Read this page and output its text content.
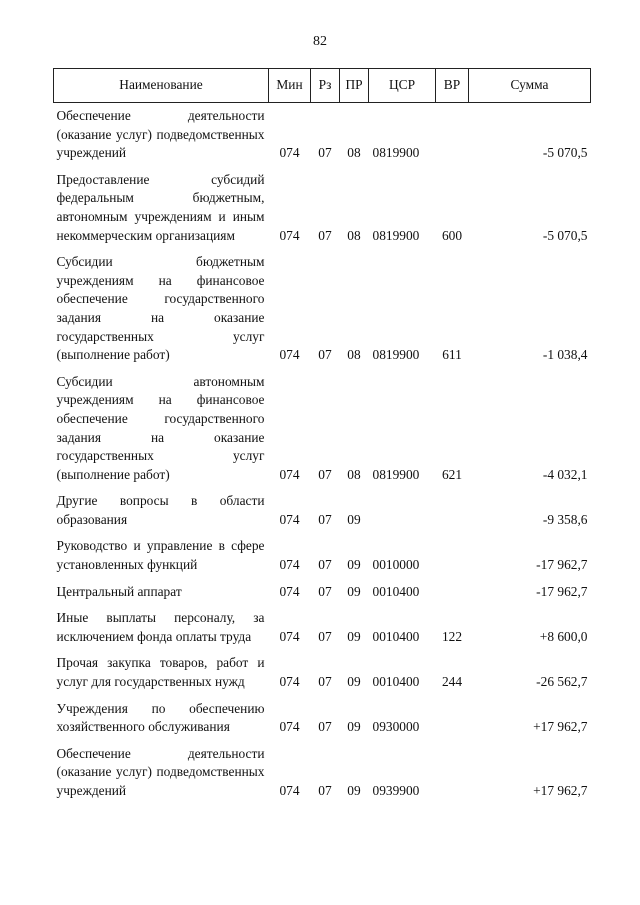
82
Наименование	Мин	Рз	ПР	ЦСР	ВР	Сумма
Обеспечение деятельности (оказание услуг) подведомственных учреждений	074	07	08	0819900		-5 070,5
Предоставление субсидий федеральным бюджетным, автономным учреждениям и иным некоммерческим организациям	074	07	08	0819900	600	-5 070,5
Субсидии бюджетным учреждениям на финансовое обеспечение государственного задания на оказание государственных услуг (выполнение работ)	074	07	08	0819900	611	-1 038,4
Субсидии автономным учреждениям на финансовое обеспечение государственного задания на оказание государственных услуг (выполнение работ)	074	07	08	0819900	621	-4 032,1
Другие вопросы в области образования	074	07	09			-9 358,6
Руководство и управление в сфере установленных функций	074	07	09	0010000		-17 962,7
Центральный аппарат	074	07	09	0010400		-17 962,7
Иные выплаты персоналу, за исключением фонда оплаты труда	074	07	09	0010400	122	+8 600,0
Прочая закупка товаров, работ и услуг для государственных нужд	074	07	09	0010400	244	-26 562,7
Учреждения по обеспечению хозяйственного обслуживания	074	07	09	0930000		+17 962,7
Обеспечение деятельности (оказание услуг) подведомственных учреждений	074	07	09	0939900		+17 962,7
